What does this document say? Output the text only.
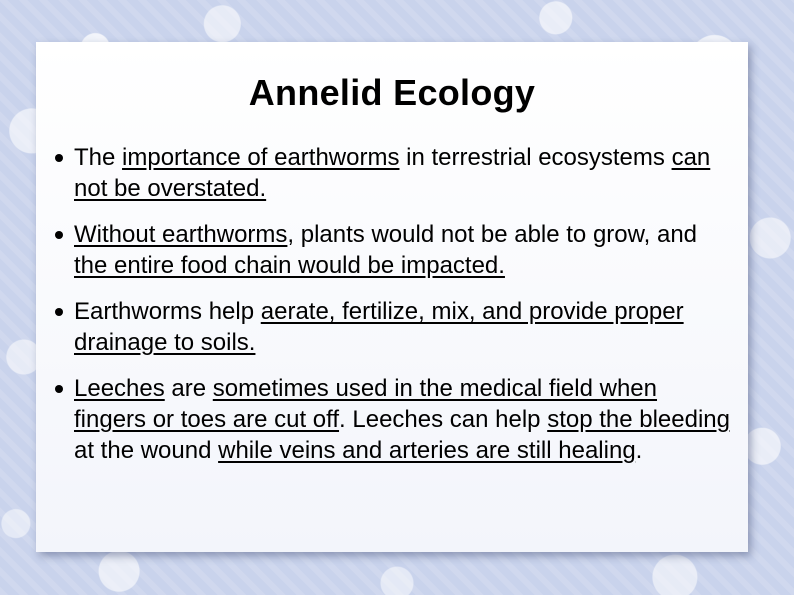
Annelid Ecology
The importance of earthworms in terrestrial ecosystems can not be overstated.
Without earthworms, plants would not be able to grow, and the entire food chain would be impacted.
Earthworms help aerate, fertilize, mix, and provide proper drainage to soils.
Leeches are sometimes used in the medical field when fingers or toes are cut off. Leeches can help stop the bleeding at the wound while veins and arteries are still healing.
